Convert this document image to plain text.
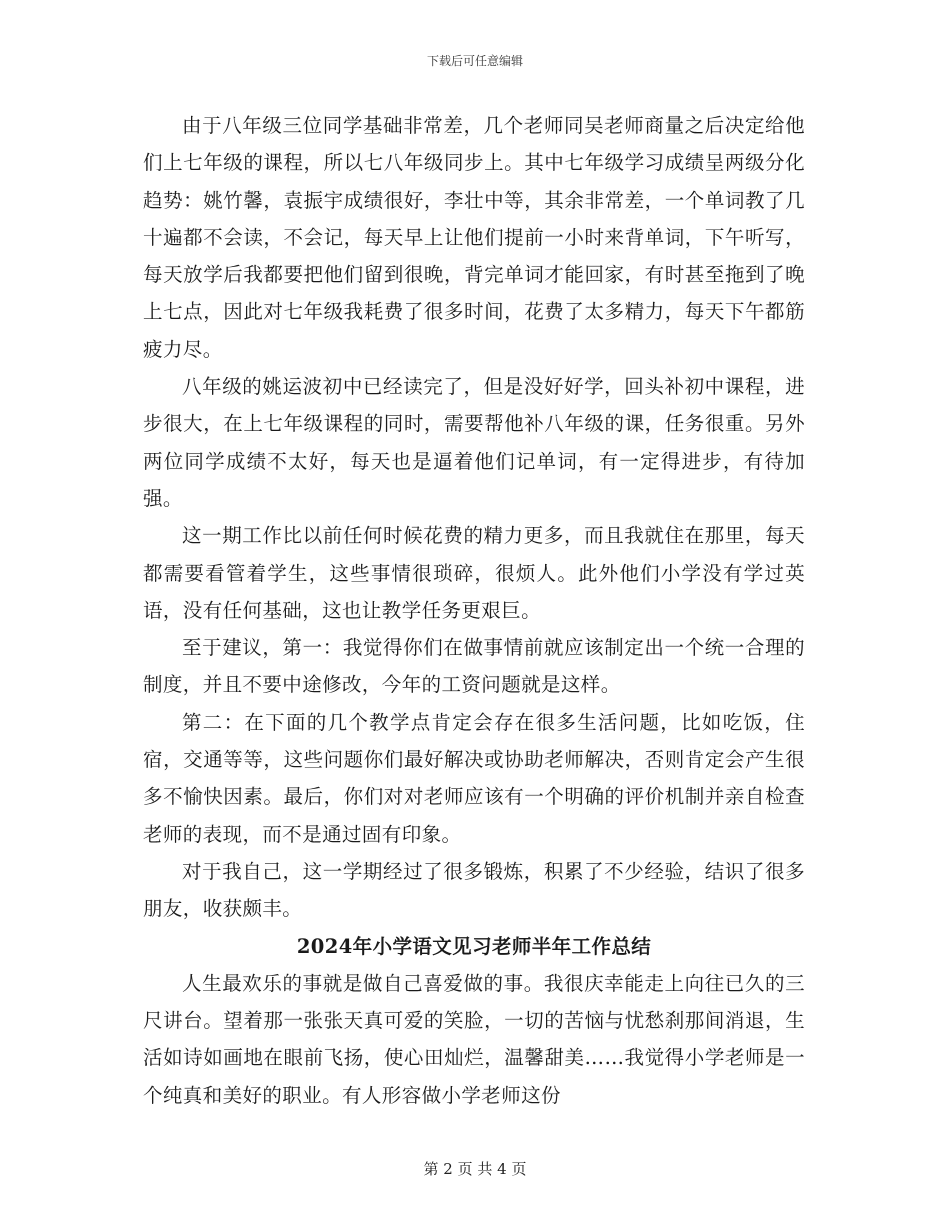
下载后可任意编辑

由于八年级三位同学基础非常差，几个老师同吴老师商量之后决定给他们上七年级的课程，所以七八年级同步上。其中七年级学习成绩呈两级分化趋势：姚竹馨，袁振宇成绩很好，李壮中等，其余非常差，一个单词教了几十遍都不会读，不会记，每天早上让他们提前一小时来背单词，下午听写，每天放学后我都要把他们留到很晚，背完单词才能回家，有时甚至拖到了晚上七点，因此对七年级我耗费了很多时间，花费了太多精力，每天下午都筋疲力尽。

八年级的姚运波初中已经读完了，但是没好好学，回头补初中课程，进步很大，在上七年级课程的同时，需要帮他补八年级的课，任务很重。另外两位同学成绩不太好，每天也是逼着他们记单词，有一定得进步，有待加强。

这一期工作比以前任何时候花费的精力更多，而且我就住在那里，每天都需要看管着学生，这些事情很琐碎，很烦人。此外他们小学没有学过英语，没有任何基础，这也让教学任务更艰巨。

至于建议，第一：我觉得你们在做事情前就应该制定出一个统一合理的制度，并且不要中途修改，今年的工资问题就是这样。

第二：在下面的几个教学点肯定会存在很多生活问题，比如吃饭，住宿，交通等等，这些问题你们最好解决或协助老师解决，否则肯定会产生很多不愉快因素。最后，你们对对老师应该有一个明确的评价机制并亲自检查老师的表现，而不是通过固有印象。

对于我自己，这一学期经过了很多锻炼，积累了不少经验，结识了很多朋友，收获颇丰。

2024年小学语文见习老师半年工作总结

人生最欢乐的事就是做自己喜爱做的事。我很庆幸能走上向往已久的三尺讲台。望着那一张张天真可爱的笑脸，一切的苦恼与忧愁刹那间消退，生活如诗如画地在眼前飞扬，使心田灿烂，温馨甜美……我觉得小学老师是一个纯真和美好的职业。有人形容做小学老师这份

第 2 页 共 4 页
